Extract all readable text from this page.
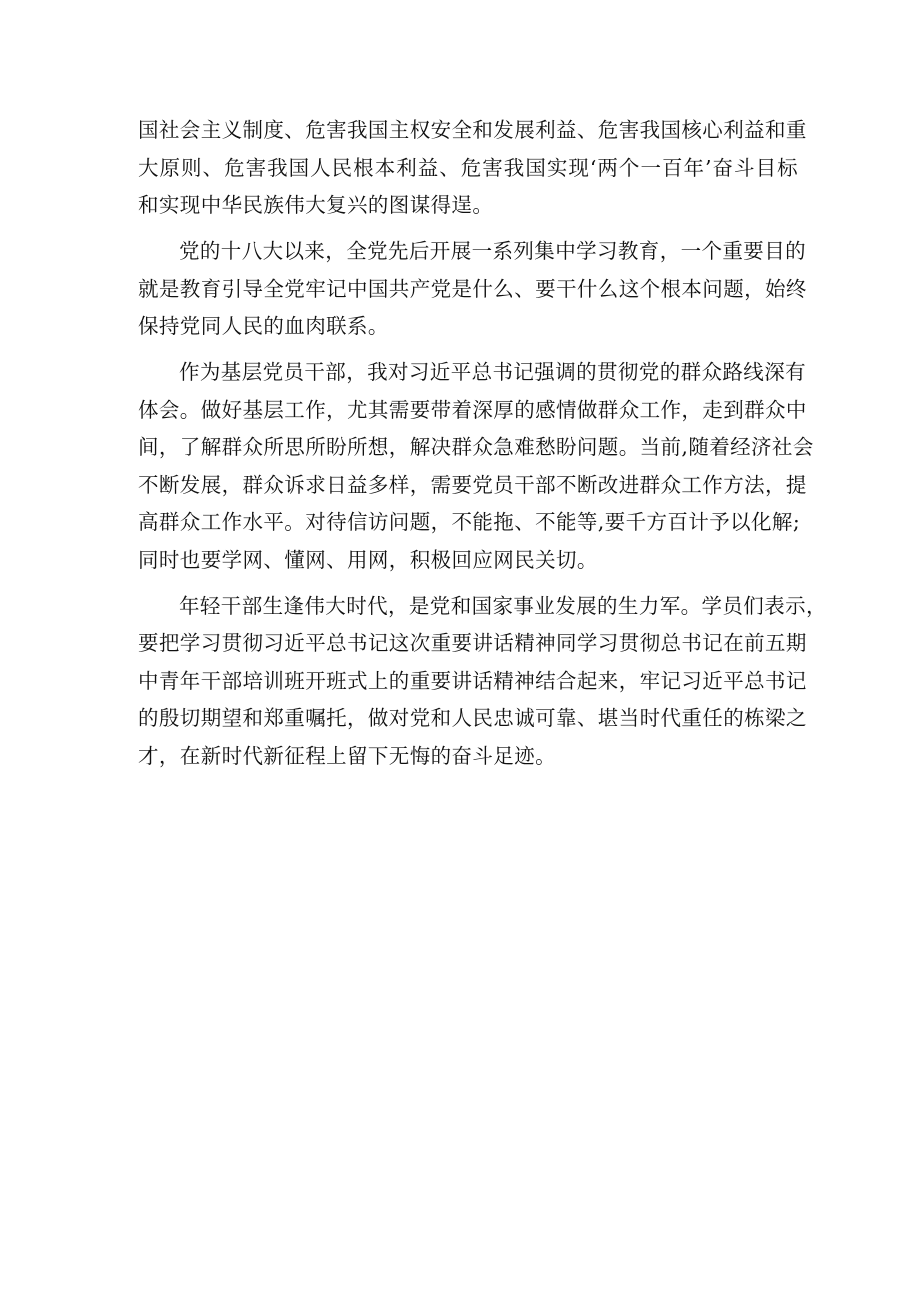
国社会主义制度、危害我国主权安全和发展利益、危害我国核心利益和重
大原则、危害我国人民根本利益、危害我国实现‘两个一百年’奋斗目标
和实现中华民族伟大复兴的图谋得逞。
党的十八大以来，全党先后开展一系列集中学习教育，一个重要目的
就是教育引导全党牢记中国共产党是什么、要干什么这个根本问题，始终
保持党同人民的血肉联系。
作为基层党员干部，我对习近平总书记强调的贯彻党的群众路线深有
体会。做好基层工作，尤其需要带着深厚的感情做群众工作，走到群众中
间，了解群众所思所盼所想，解决群众急难愁盼问题。当前,随着经济社会
不断发展，群众诉求日益多样，需要党员干部不断改进群众工作方法，提
高群众工作水平。对待信访问题，不能拖、不能等,要千方百计予以化解;
同时也要学网、懂网、用网，积极回应网民关切。
年轻干部生逢伟大时代，是党和国家事业发展的生力军。学员们表示，
要把学习贯彻习近平总书记这次重要讲话精神同学习贯彻总书记在前五期
中青年干部培训班开班式上的重要讲话精神结合起来，牢记习近平总书记
的殷切期望和郑重嘱托，做对党和人民忠诚可靠、堪当时代重任的栋梁之
才，在新时代新征程上留下无悔的奋斗足迹。
